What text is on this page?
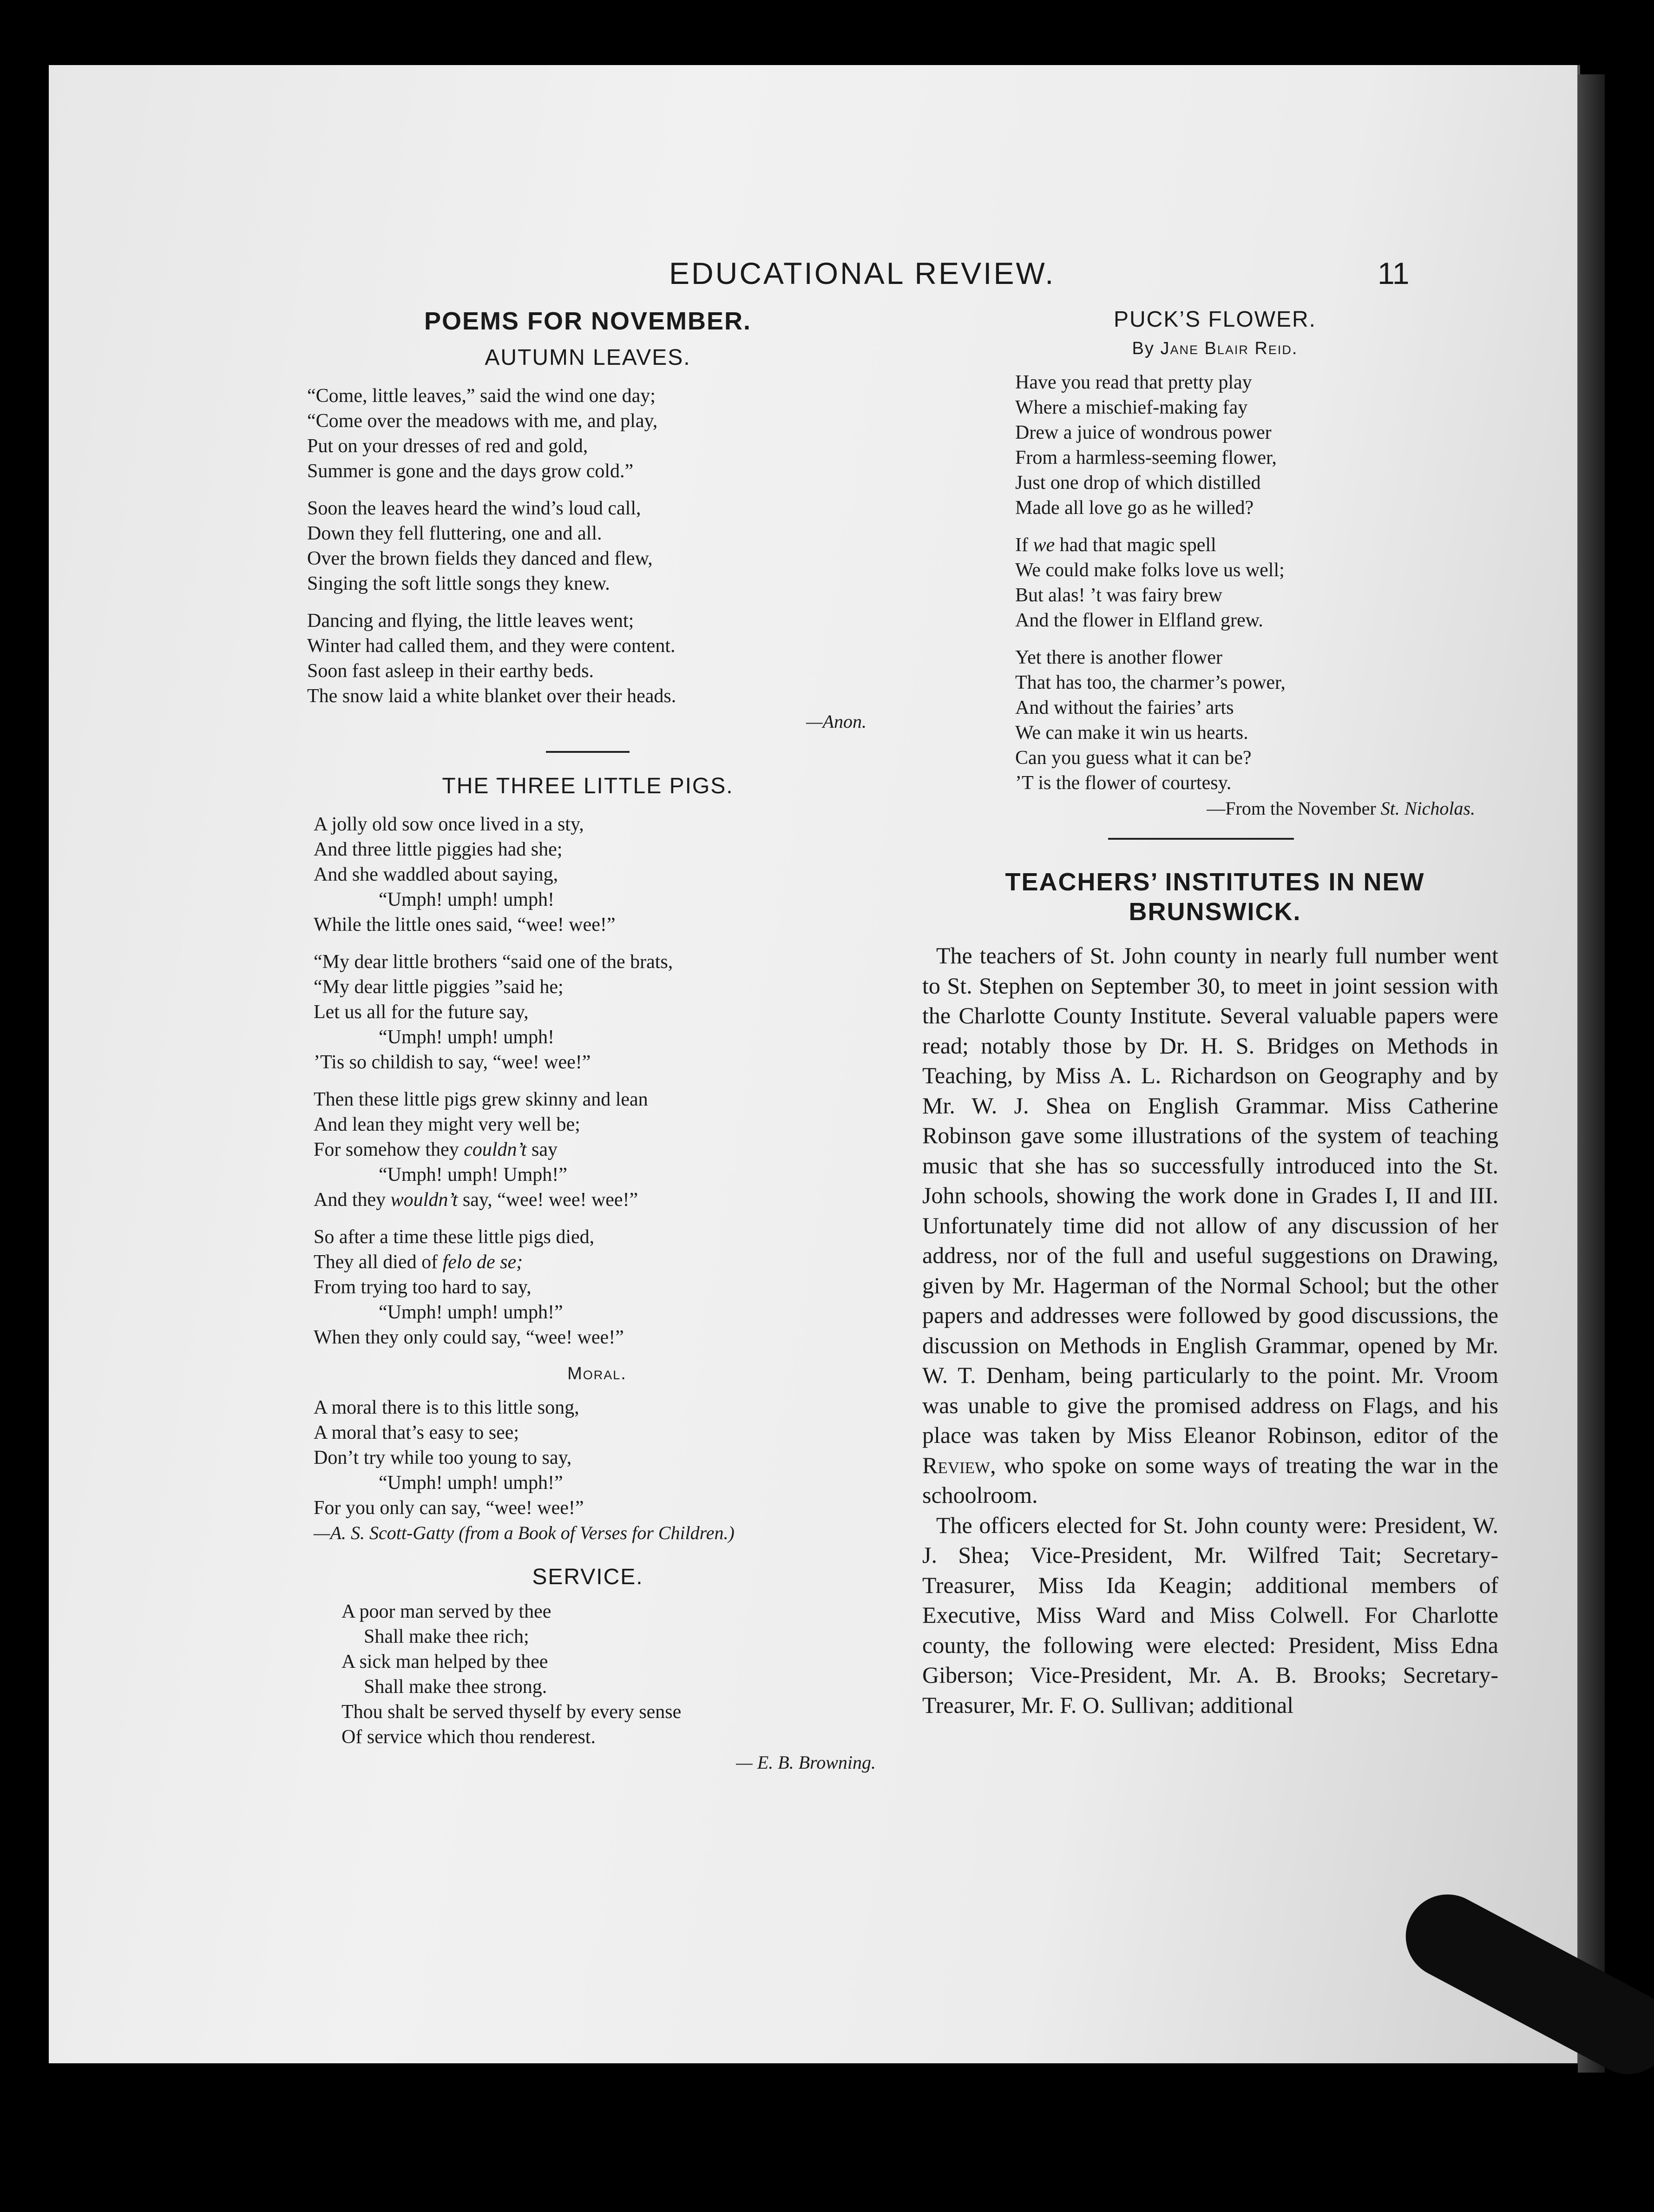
EDUCATIONAL REVIEW.	11
POEMS FOR NOVEMBER.
AUTUMN LEAVES.
“Come, little leaves,” said the wind one day;
“Come over the meadows with me, and play,
Put on your dresses of red and gold,
Summer is gone and the days grow cold.”
Soon the leaves heard the wind’s loud call,
Down they fell fluttering, one and all.
Over the brown fields they danced and flew,
Singing the soft little songs they knew.
Dancing and flying, the little leaves went;
Winter had called them, and they were content.
Soon fast asleep in their earthy beds.
The snow laid a white blanket over their heads.
—Anon.
THE THREE LITTLE PIGS.
A jolly old sow once lived in a sty,
And three little piggies had she;
And she waddled about saying,
“Umph! umph! umph!
While the little ones said, “wee! wee!”
“My dear little brothers “said one of the brats,
“My dear little piggies ”said he;
Let us all for the future say,
“Umph! umph! umph!
’Tis so childish to say, “wee! wee!”
Then these little pigs grew skinny and lean
And lean they might very well be;
For somehow they couldn’t say
“Umph! umph! Umph!”
And they wouldn’t say, “wee! wee! wee!”
So after a time these little pigs died,
They all died of felo de se;
From trying too hard to say,
“Umph! umph! umph!”
When they only could say, “wee! wee!”
Moral.
A moral there is to this little song,
A moral that’s easy to see;
Don’t try while too young to say,
“Umph! umph! umph!”
For you only can say, “wee! wee!”
—A. S. Scott-Gatty (from a Book of Verses for Children.)
SERVICE.
A poor man served by thee
Shall make thee rich;
A sick man helped by thee
Shall make thee strong.
Thou shalt be served thyself by every sense
Of service which thou renderest.
— E. B. Browning.
PUCK’S FLOWER.
By Jane Blair Reid.
Have you read that pretty play
Where a mischief-making fay
Drew a juice of wondrous power
From a harmless-seeming flower,
Just one drop of which distilled
Made all love go as he willed?
If we had that magic spell
We could make folks love us well;
But alas! ’t was fairy brew
And the flower in Elfland grew.
Yet there is another flower
That has too, the charmer’s power,
And without the fairies’ arts
We can make it win us hearts.
Can you guess what it can be?
’T is the flower of courtesy.
—From the November St. Nicholas.
TEACHERS’ INSTITUTES IN NEW BRUNSWICK.

The teachers of St. John county in nearly full number went to St. Stephen on September 30, to meet in joint session with the Charlotte County Institute. Several valuable papers were read; notably those by Dr. H. S. Bridges on Methods in Teaching, by Miss A. L. Richardson on Geography and by Mr. W. J. Shea on English Grammar. Miss Catherine Robinson gave some illustrations of the system of teaching music that she has so successfully introduced into the St. John schools, showing the work done in Grades I, II and III. Unfortunately time did not allow of any discussion of her address, nor of the full and useful suggestions on Drawing, given by Mr. Hagerman of the Normal School; but the other papers and addresses were followed by good discussions, the discussion on Methods in English Grammar, opened by Mr. W. T. Denham, being particularly to the point. Mr. Vroom was unable to give the promised address on Flags, and his place was taken by Miss Eleanor Robinson, editor of the Review, who spoke on some ways of treating the war in the schoolroom.

The officers elected for St. John county were: President, W. J. Shea; Vice-President, Mr. Wilfred Tait; Secretary-Treasurer, Miss Ida Keagin; additional members of Executive, Miss Ward and Miss Colwell. For Charlotte county, the following were elected: President, Miss Edna Giberson; Vice-President, Mr. A. B. Brooks; Secretary-Treasurer, Mr. F. O. Sullivan; additional
